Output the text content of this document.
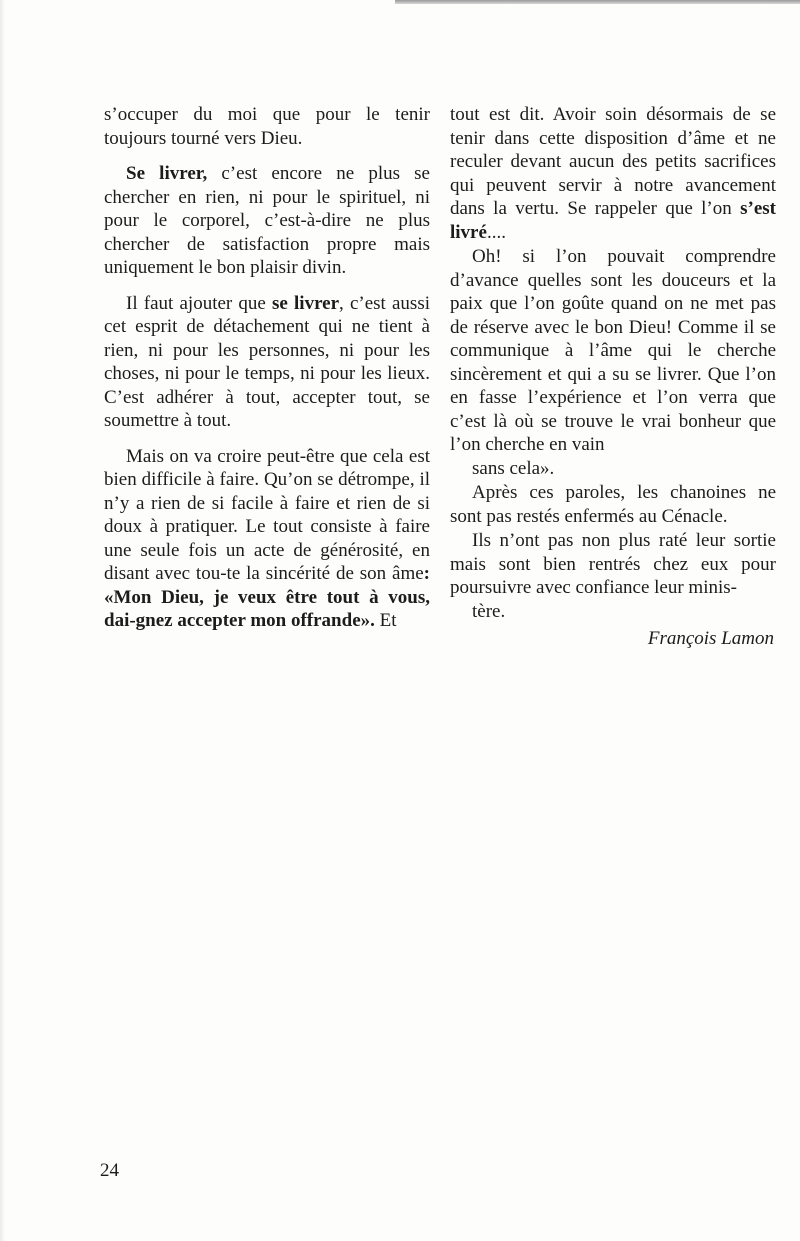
s’occuper du moi que pour le tenir toujours tourné vers Dieu.

Se livrer, c’est encore ne plus se chercher en rien, ni pour le spirituel, ni pour le corporel, c’est-à-dire ne plus chercher de satisfaction propre mais uniquement le bon plaisir divin.

Il faut ajouter que se livrer, c’est aussi cet esprit de détachement qui ne tient à rien, ni pour les personnes, ni pour les choses, ni pour le temps, ni pour les lieux. C’est adhérer à tout, accepter tout, se soumettre à tout.

Mais on va croire peut-être que cela est bien difficile à faire. Qu’on se détrompe, il n’y a rien de si facile à faire et rien de si doux à pratiquer. Le tout consiste à faire une seule fois un acte de générosité, en disant avec tou-te la sincérité de son âme: «Mon Dieu, je veux être tout à vous, dai-gnez accepter mon offrande». Et

tout est dit. Avoir soin désormais de se tenir dans cette disposition d’âme et ne reculer devant aucun des petits sacrifices qui peuvent servir à notre avancement dans la vertu. Se rappeler que l’on s’est livré....

Oh! si l’on pouvait comprendre d’avance quelles sont les douceurs et la paix que l’on goûte quand on ne met pas de réserve avec le bon Dieu! Comme il se communique à l’âme qui le cherche sincèrement et qui a su se livrer. Que l’on en fasse l’expérience et l’on verra que c’est là où se trouve le vrai bonheur que l’on cherche en vain
sans cela».

Après ces paroles, les chanoines ne sont pas restés enfermés au Cénacle.

Ils n’ont pas non plus raté leur sortie mais sont bien rentrés chez eux pour poursuivre avec confiance leur minis-
tère.

François Lamon

24
